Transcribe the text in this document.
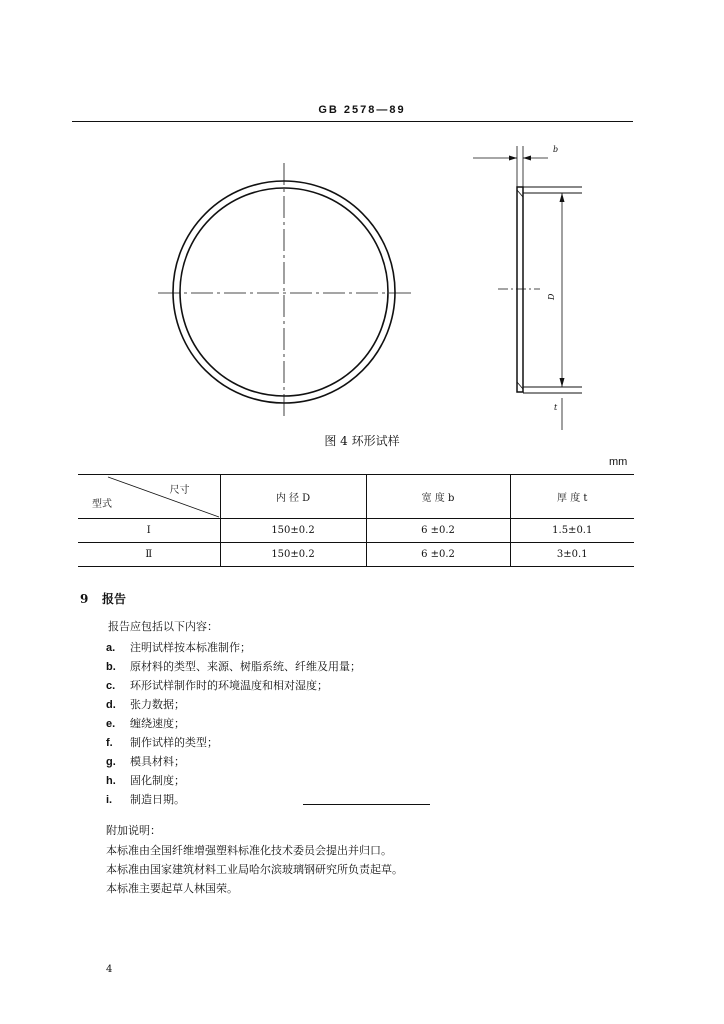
GB 2578—89
b
D
t
图 4 环形试样
mm
尺寸
型式	内 径 D	宽 度 b	厚 度 t
Ⅰ	150±0.2	6 ±0.2	1.5±0.1
Ⅱ	150±0.2	6 ±0.2	3±0.1
9 报告
报告应包括以下内容：
a. 注明试样按本标准制作；
b. 原材料的类型、来源、树脂系统、纤维及用量；
c. 环形试样制作时的环境温度和相对湿度；
d. 张力数据；
e. 缠绕速度；
f. 制作试样的类型；
g. 模具材料；
h. 固化制度；
i. 制造日期。
附加说明：
本标准由全国纤维增强塑料标准化技术委员会提出并归口。
本标准由国家建筑材料工业局哈尔滨玻璃钢研究所负责起草。
本标准主要起草人林国荣。
4
